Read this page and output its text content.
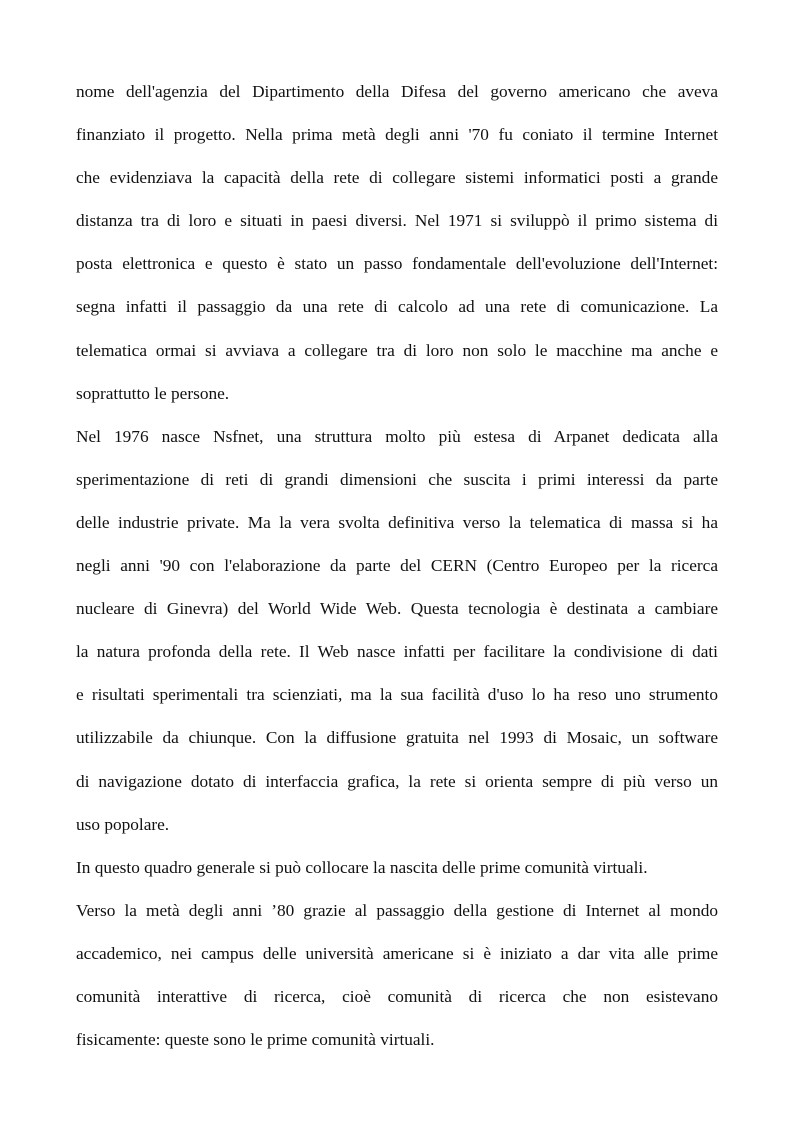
nome dell'agenzia del Dipartimento della Difesa del governo americano che aveva
finanziato il progetto. Nella prima metà degli anni '70 fu coniato il termine Internet
che evidenziava la capacità della rete di collegare sistemi informatici posti a grande
distanza tra di loro e situati in paesi diversi. Nel 1971 si sviluppò il primo sistema di
posta elettronica e questo è stato un passo fondamentale dell'evoluzione dell'Internet:
segna infatti il passaggio da una rete di calcolo ad una rete di comunicazione. La
telematica ormai si avviava a collegare tra di loro non solo le macchine ma anche e
soprattutto le persone.

Nel 1976 nasce Nsfnet, una struttura molto più estesa di Arpanet dedicata alla
sperimentazione di reti di grandi dimensioni che suscita i primi interessi da parte
delle industrie private. Ma la vera svolta definitiva verso la telematica di massa si ha
negli anni '90 con l'elaborazione da parte del CERN (Centro Europeo per la ricerca
nucleare di Ginevra) del World Wide Web. Questa tecnologia è destinata a cambiare
la natura profonda della rete. Il Web nasce infatti per facilitare la condivisione di dati
e risultati sperimentali tra scienziati, ma la sua facilità d'uso lo ha reso uno strumento
utilizzabile da chiunque. Con la diffusione gratuita nel 1993 di Mosaic, un software
di navigazione dotato di interfaccia grafica, la rete si orienta sempre di più verso un
uso popolare.

In questo quadro generale si può collocare la nascita delle prime comunità virtuali.

Verso la metà degli anni ’80 grazie al passaggio della gestione di Internet al mondo
accademico, nei campus delle università americane si è iniziato a dar vita alle prime
comunità interattive di ricerca, cioè comunità di ricerca che non esistevano
fisicamente: queste sono le prime comunità virtuali.
